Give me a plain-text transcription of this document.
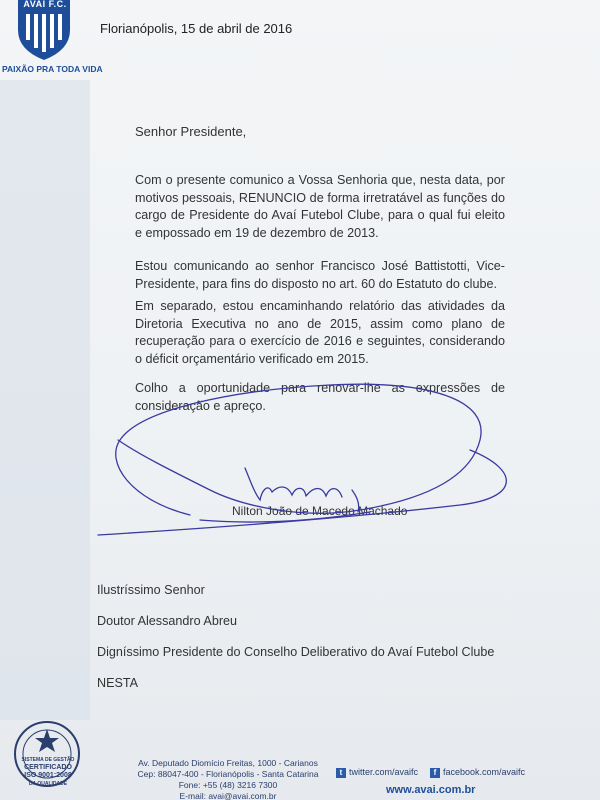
AVAÍ F.C.
PAIXÃO PRA TODA VIDA
Florianópolis, 15 de abril de 2016
Senhor Presidente,
Com o presente comunico a Vossa Senhoria que, nesta data, por motivos pessoais, RENUNCIO de forma irretratável as funções do cargo de Presidente do Avaí Futebol Clube, para o qual fui eleito e empossado em 19 de dezembro de 2013.
Estou comunicando ao senhor Francisco José Battistotti, Vice-Presidente, para fins do disposto no art. 60 do Estatuto do clube.
Em separado, estou encaminhando relatório das atividades da Diretoria Executiva no ano de 2015, assim como plano de recuperação para o exercício de 2016 e seguintes, considerando o déficit orçamentário verificado em 2015.
Colho a oportunidade para renovar-lhe as expressões de consideração e apreço.
Nilton João de Macedo Machado
Ilustríssimo Senhor
Doutor Alessandro Abreu
Digníssimo Presidente do Conselho Deliberativo do Avaí Futebol Clube
NESTA
SISTEMA DE GESTÃO
CERTIFICADO
ISO 9001:2008
DA QUALIDADE
Av. Deputado Diomício Freitas, 1000 - Carianos
Cep: 88047-400 - Florianópolis - Santa Catarina
Fone: +55 (48) 3216 7300
E-mail: avai@avai.com.br
t twitter.com/avaifc	f facebook.com/avaifc
www.avai.com.br
